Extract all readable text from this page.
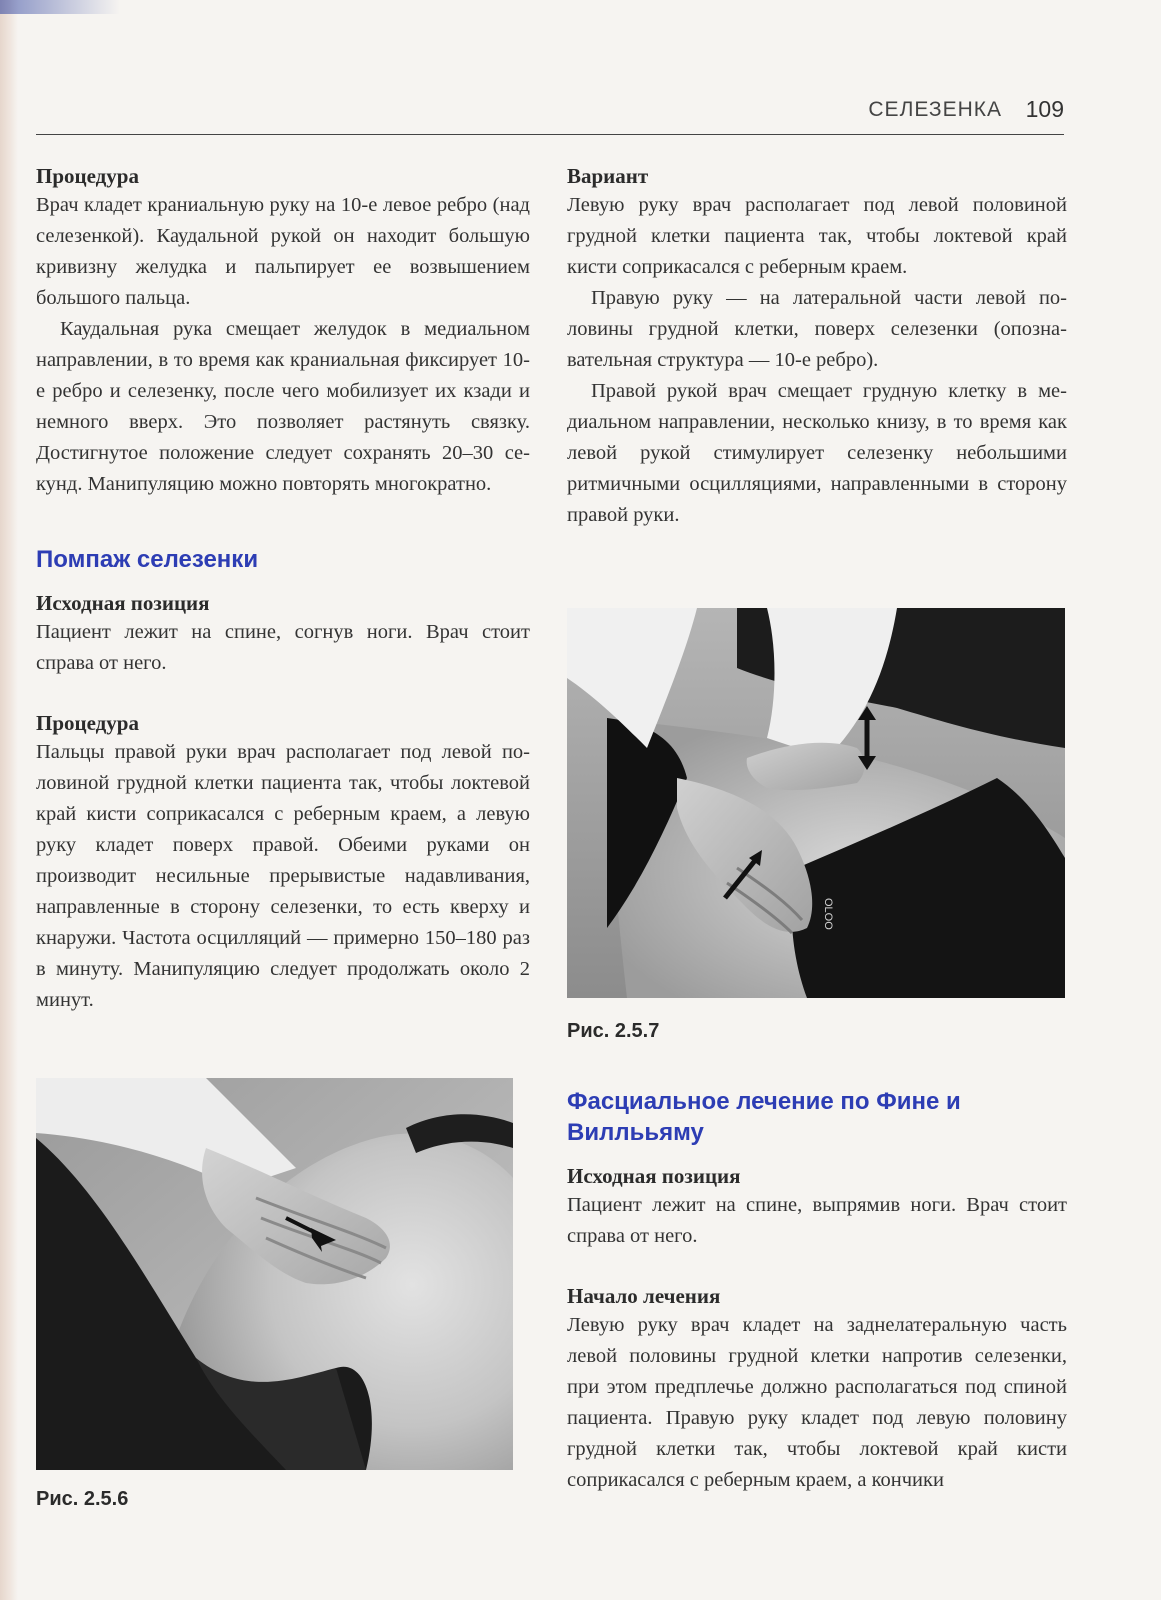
СЕЛЕЗЕНКА 109
Процедура

Врач кладет краниальную руку на 10-е левое ребро (над селезенкой). Каудальной рукой он находит большую кривизну желудка и пальпирует ее возвышением большого пальца.

Каудальная рука смещает желудок в медиальном направлении, в то время как краниальная фиксирует 10-е ребро и селезенку, после чего мобилизует их кзади и немного вверх. Это позволяет растянуть связку. Достигнутое положение следует сохранять 20–30 секунд. Манипуляцию можно повторять многократно.

Помпаж селезенки
Исходная позиция

Пациент лежит на спине, согнув ноги. Врач стоит справа от него.

Процедура

Пальцы правой руки врач располагает под левой половиной грудной клетки пациента так, чтобы локтевой край кисти соприкасался с реберным краем, а левую руку кладет поверх правой. Обеими руками он производит несильные прерывистые надавливания, направленные в сторону селезенки, то есть кверху и кнаружи. Частота осцилляций — примерно 150–180 раз в минуту. Манипуляцию следует продолжать около 2 минут.

Рис. 2.5.6
Вариант

Левую руку врач располагает под левой половиной грудной клетки пациента так, чтобы локтевой край кисти соприкасался с реберным краем.

Правую руку — на латеральной части левой половины грудной клетки, поверх селезенки (опознавательная структура — 10-е ребро).

Правой рукой врач смещает грудную клетку в медиальном направлении, несколько книзу, в то время как левой рукой стимулирует селезенку небольшими ритмичными осцилляциями, направленными в сторону правой руки.

OLOO
Рис. 2.5.7
Фасциальное лечение по Фине и Виллььяму
Исходная позиция

Пациент лежит на спине, выпрямив ноги. Врач стоит справа от него.

Начало лечения

Левую руку врач кладет на заднелатеральную часть левой половины грудной клетки напротив селезенки, при этом предплечье должно располагаться под спиной пациента. Правую руку кладет под левую половину грудной клетки так, чтобы локтевой край кисти соприкасался с реберным краем, а кончики
